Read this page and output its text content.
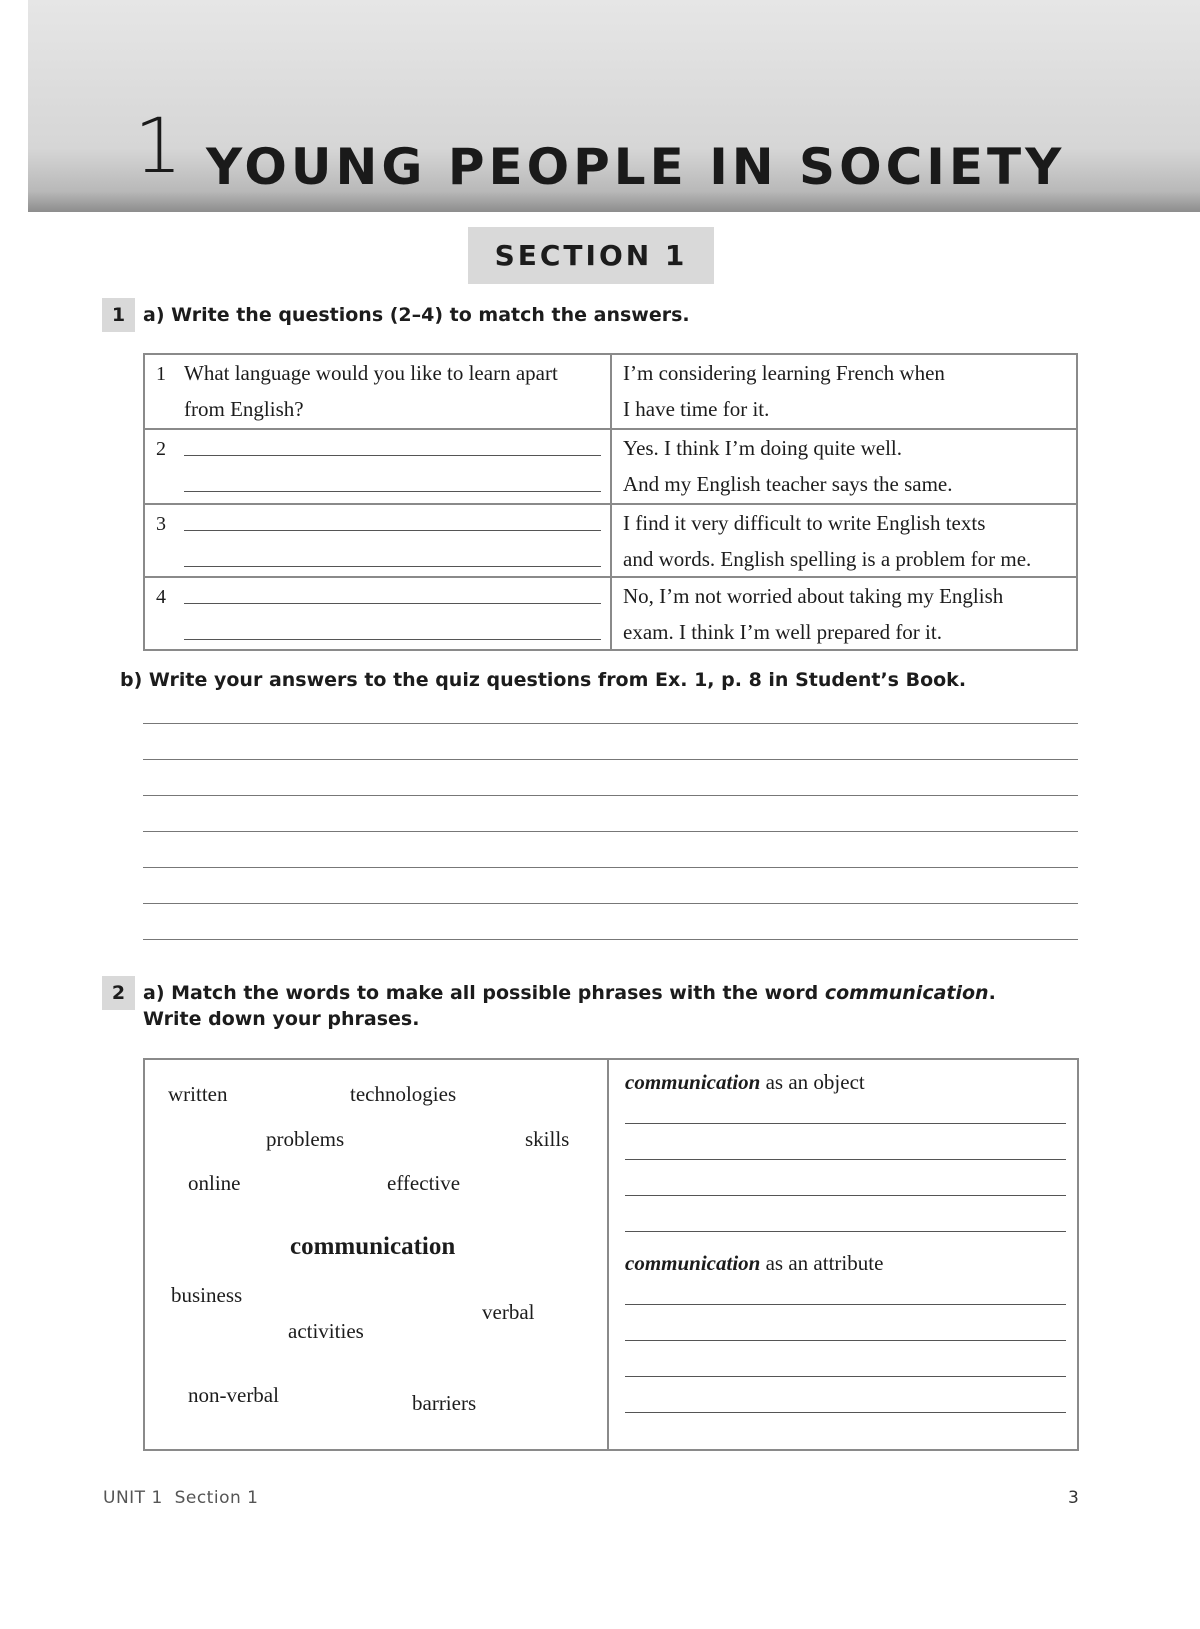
1 YOUNG PEOPLE IN SOCIETY
SECTION 1
1 a) Write the questions (2–4) to match the answers.
1 What language would you like to learn apart from English?
I’m considering learning French when
I have time for it.
2	Yes. I think I’m doing quite well.
And my English teacher says the same.
3	I find it very difficult to write English texts
and words. English spelling is a problem for me.
4	No, I’m not worried about taking my English
exam. I think I’m well prepared for it.
b) Write your answers to the quiz questions from Ex. 1, p. 8 in Student’s Book.
2 a) Match the words to make all possible phrases with the word communication.
Write down your phrases.
written	technologies
problems	skills
online	effective
communication
business
activities
verbal
non-verbal	barriers
communication as an object
communication as an attribute
UNIT 1  Section 1	3
